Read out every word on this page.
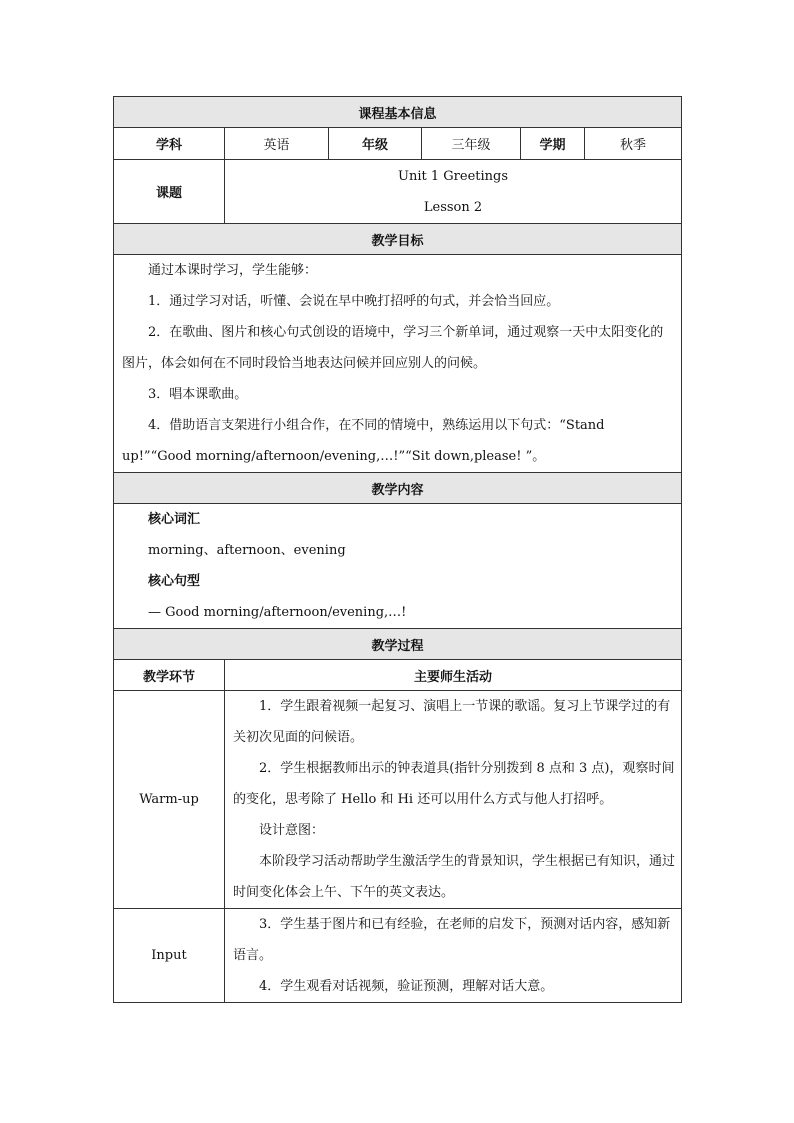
课程基本信息					
学科	英语	年级	三年级	学期	秋季
课题	Unit 1 Greetings
Lesson 2				

教学目标					

通过本课时学习，学生能够：
1．通过学习对话，听懂、会说在早中晚打招呼的句式，并会恰当回应。
2．在歌曲、图片和核心句式创设的语境中，学习三个新单词，通过观察一天中太阳变化的图片，体会如何在不同时段恰当地表达问候并回应别人的问候。
3．唱本课歌曲。
4．借助语言支架进行小组合作，在不同的情境中，熟练运用以下句式：“Stand up!”“Good morning/afternoon/evening,…!”“Sit down,please! ”。					

教学内容					

核心词汇
morning、afternoon、evening
核心句型
— Good morning/afternoon/evening,…!					

教学过程					
教学环节	主要师生活动				
Warm-up	1．学生跟着视频一起复习、演唱上一节课的歌谣。复习上节课学过的有关初次见面的问候语。
2．学生根据教师出示的钟表道具(指针分别拨到 8 点和 3 点)，观察时间的变化，思考除了 Hello 和 Hi 还可以用什么方式与他人打招呼。
设计意图：
本阶段学习活动帮助学生激活学生的背景知识，学生根据已有知识，通过时间变化体会上午、下午的英文表达。				

Input	3．学生基于图片和已有经验，在老师的启发下，预测对话内容，感知新语言。
4．学生观看对话视频，验证预测，理解对话大意。				
